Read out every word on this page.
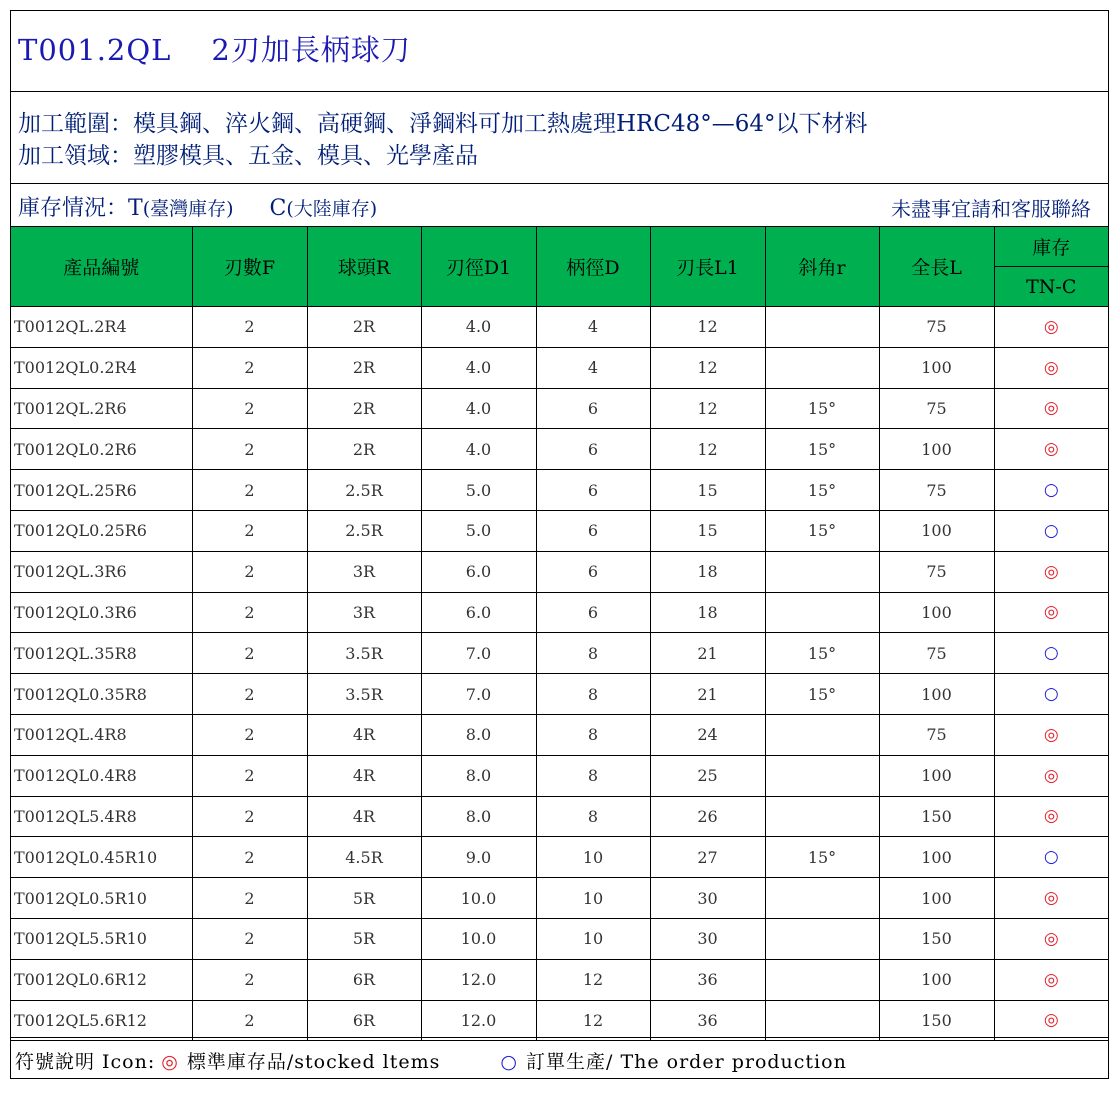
T001.2QL 2刃加長柄球刀
加工範圍：模具鋼、淬火鋼、高硬鋼、淨鋼料可加工熱處理HRC48°—64°以下材料
加工領域：塑膠模具、五金、模具、光學產品
庫存情況：T(臺灣庫存) C(大陸庫存)	未盡事宜請和客服聯絡
產品編號	刃數F	球頭R	刃徑D1	柄徑D	刃長L1	斜角r	全長L	庫存
								TN-C
T0012QL.2R4	2	2R	4.0	4	12		75	◎
T0012QL0.2R4	2	2R	4.0	4	12		100	◎
T0012QL.2R6	2	2R	4.0	6	12	15°	75	◎
T0012QL0.2R6	2	2R	4.0	6	12	15°	100	◎
T0012QL.25R6	2	2.5R	5.0	6	15	15°	75	○
T0012QL0.25R6	2	2.5R	5.0	6	15	15°	100	○
T0012QL.3R6	2	3R	6.0	6	18		75	◎
T0012QL0.3R6	2	3R	6.0	6	18		100	◎
T0012QL.35R8	2	3.5R	7.0	8	21	15°	75	○
T0012QL0.35R8	2	3.5R	7.0	8	21	15°	100	○
T0012QL.4R8	2	4R	8.0	8	24		75	◎
T0012QL0.4R8	2	4R	8.0	8	25		100	◎
T0012QL5.4R8	2	4R	8.0	8	26		150	◎
T0012QL0.45R10	2	4.5R	9.0	10	27	15°	100	○
T0012QL0.5R10	2	5R	10.0	10	30		100	◎
T0012QL5.5R10	2	5R	10.0	10	30		150	◎
T0012QL0.6R12	2	6R	12.0	12	36		100	◎
T0012QL5.6R12	2	6R	12.0	12	36		150	◎
符號說明 Icon: ◎ 標準庫存品/stocked ltems	○ 訂單生產/ The order production
